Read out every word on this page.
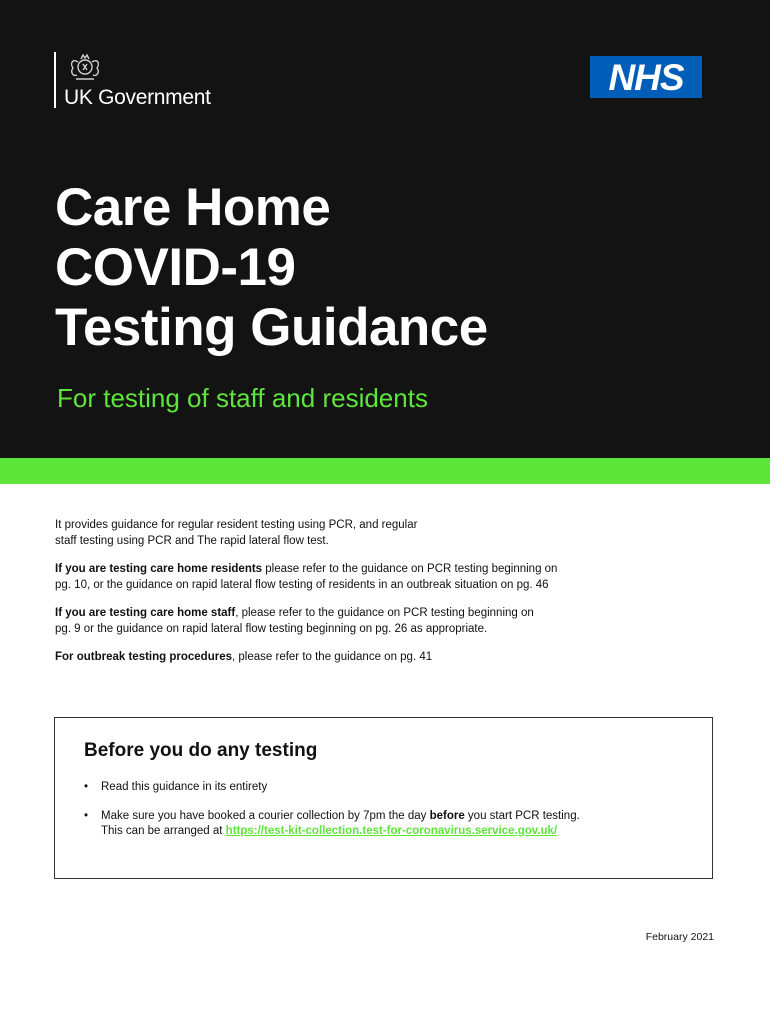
UK Government	NHS
Care Home
COVID-19
Testing Guidance
For testing of staff and residents

It provides guidance for regular resident testing using PCR, and regular
staff testing using PCR and The rapid lateral flow test.

If you are testing care home residents please refer to the guidance on PCR testing beginning on
pg. 10, or the guidance on rapid lateral flow testing of residents in an outbreak situation on pg. 46

If you are testing care home staff, please refer to the guidance on PCR testing beginning on
pg. 9 or the guidance on rapid lateral flow testing beginning on pg. 26 as appropriate.

For outbreak testing procedures, please refer to the guidance on pg. 41

Before you do any testing
• Read this guidance in its entirety
• Make sure you have booked a courier collection by 7pm the day before you start PCR testing.
This can be arranged at https://test-kit-collection.test-for-coronavirus.service.gov.uk/
February 2021
